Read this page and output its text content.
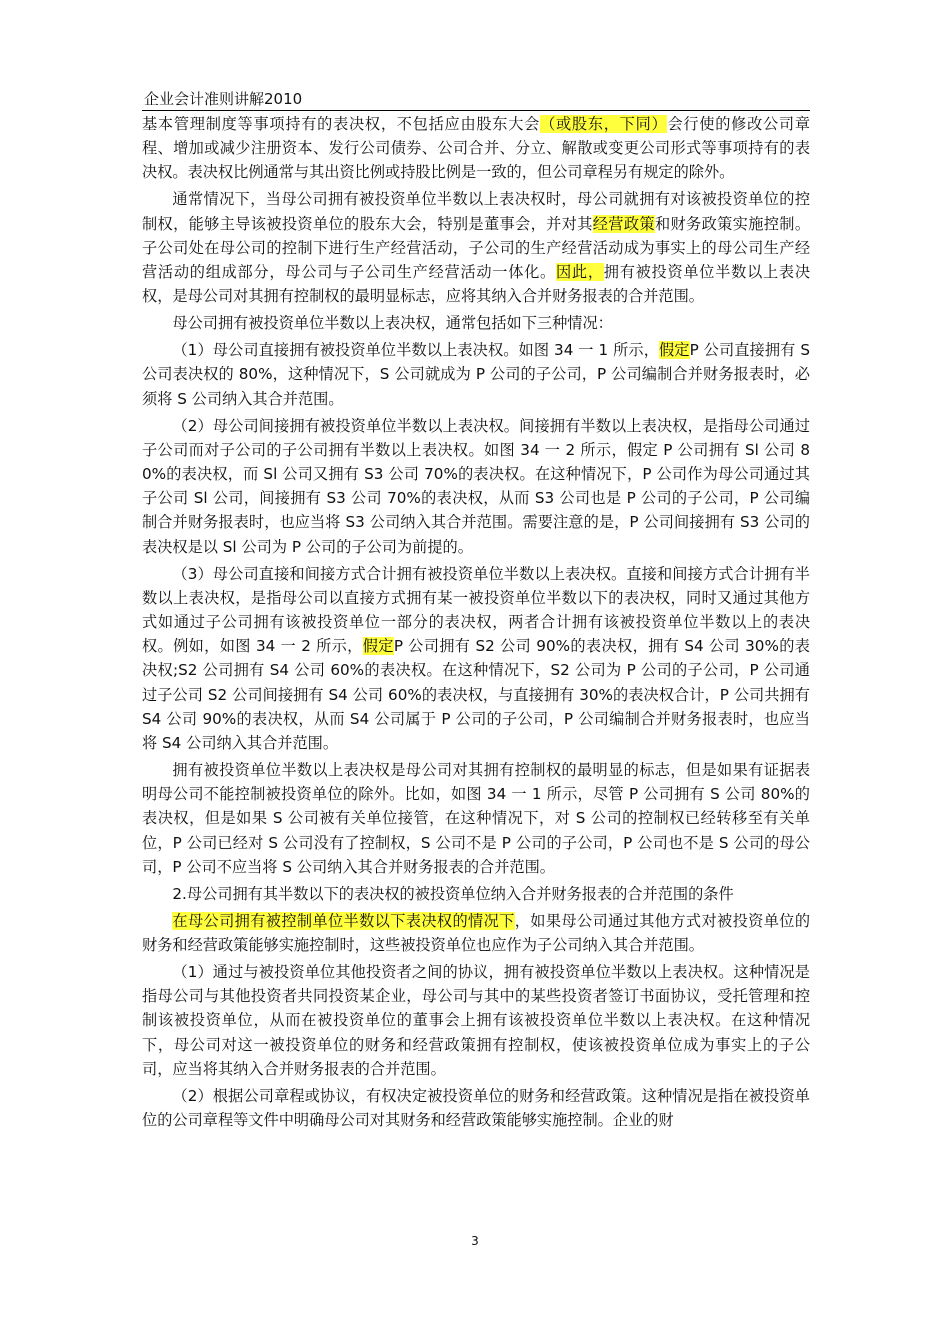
企业会计准则讲解2010

基本管理制度等事项持有的表决权，不包括应由股东大会（或股东，下同）会行使的修改公司章程、增加或减少注册资本、发行公司债券、公司合并、分立、解散或变更公司形式等事项持有的表决权。表决权比例通常与其出资比例或持股比例是一致的，但公司章程另有规定的除外。

通常情况下，当母公司拥有被投资单位半数以上表决权时，母公司就拥有对该被投资单位的控制权，能够主导该被投资单位的股东大会，特别是董事会，并对其经营政策和财务政策实施控制。子公司处在母公司的控制下进行生产经营活动，子公司的生产经营活动成为事实上的母公司生产经营活动的组成部分，母公司与子公司生产经营活动一体化。因此，拥有被投资单位半数以上表决权，是母公司对其拥有控制权的最明显标志，应将其纳入合并财务报表的合并范围。

母公司拥有被投资单位半数以上表决权，通常包括如下三种情况：

（1）母公司直接拥有被投资单位半数以上表决权。如图 34 一 1 所示，假定P 公司直接拥有 S 公司表决权的 80%，这种情况下，S 公司就成为 P 公司的子公司，P 公司编制合并财务报表时，必须将 S 公司纳入其合并范围。

（2）母公司间接拥有被投资单位半数以上表决权。间接拥有半数以上表决权，是指母公司通过子公司而对子公司的子公司拥有半数以上表决权。如图 34 一 2 所示，假定 P 公司拥有 Sl 公司 80%的表决权，而 Sl 公司又拥有 S3 公司 70%的表决权。在这种情况下，P 公司作为母公司通过其子公司 Sl 公司，间接拥有 S3 公司 70%的表决权，从而 S3 公司也是 P 公司的子公司，P 公司编制合并财务报表时，也应当将 S3 公司纳入其合并范围。需要注意的是，P 公司间接拥有 S3 公司的表决权是以 Sl 公司为 P 公司的子公司为前提的。

（3）母公司直接和间接方式合计拥有被投资单位半数以上表决权。直接和间接方式合计拥有半数以上表决权，是指母公司以直接方式拥有某一被投资单位半数以下的表决权，同时又通过其他方式如通过子公司拥有该被投资单位一部分的表决权，两者合计拥有该被投资单位半数以上的表决权。例如，如图 34 一 2 所示，假定P 公司拥有 S2 公司 90%的表决权，拥有 S4 公司 30%的表决权;S2 公司拥有 S4 公司 60%的表决权。在这种情况下，S2 公司为 P 公司的子公司，P 公司通过子公司 S2 公司间接拥有 S4 公司 60%的表决权，与直接拥有 30%的表决权合计，P 公司共拥有 S4 公司 90%的表决权，从而 S4 公司属于 P 公司的子公司，P 公司编制合并财务报表时，也应当将 S4 公司纳入其合并范围。

拥有被投资单位半数以上表决权是母公司对其拥有控制权的最明显的标志，但是如果有证据表明母公司不能控制被投资单位的除外。比如，如图 34 一 1 所示，尽管 P 公司拥有 S 公司 80%的表决权，但是如果 S 公司被有关单位接管，在这种情况下，对 S 公司的控制权已经转移至有关单位，P 公司已经对 S 公司没有了控制权，S 公司不是 P 公司的子公司，P 公司也不是 S 公司的母公司，P 公司不应当将 S 公司纳入其合并财务报表的合并范围。

2.母公司拥有其半数以下的表决权的被投资单位纳入合并财务报表的合并范围的条件

在母公司拥有被控制单位半数以下表决权的情况下，如果母公司通过其他方式对被投资单位的财务和经营政策能够实施控制时，这些被投资单位也应作为子公司纳入其合并范围。

（1）通过与被投资单位其他投资者之间的协议，拥有被投资单位半数以上表决权。这种情况是指母公司与其他投资者共同投资某企业，母公司与其中的某些投资者签订书面协议，受托管理和控制该被投资单位，从而在被投资单位的董事会上拥有该被投资单位半数以上表决权。在这种情况下，母公司对这一被投资单位的财务和经营政策拥有控制权，使该被投资单位成为事实上的子公司，应当将其纳入合并财务报表的合并范围。

（2）根据公司章程或协议，有权决定被投资单位的财务和经营政策。这种情况是指在被投资单位的公司章程等文件中明确母公司对其财务和经营政策能够实施控制。企业的财

3
